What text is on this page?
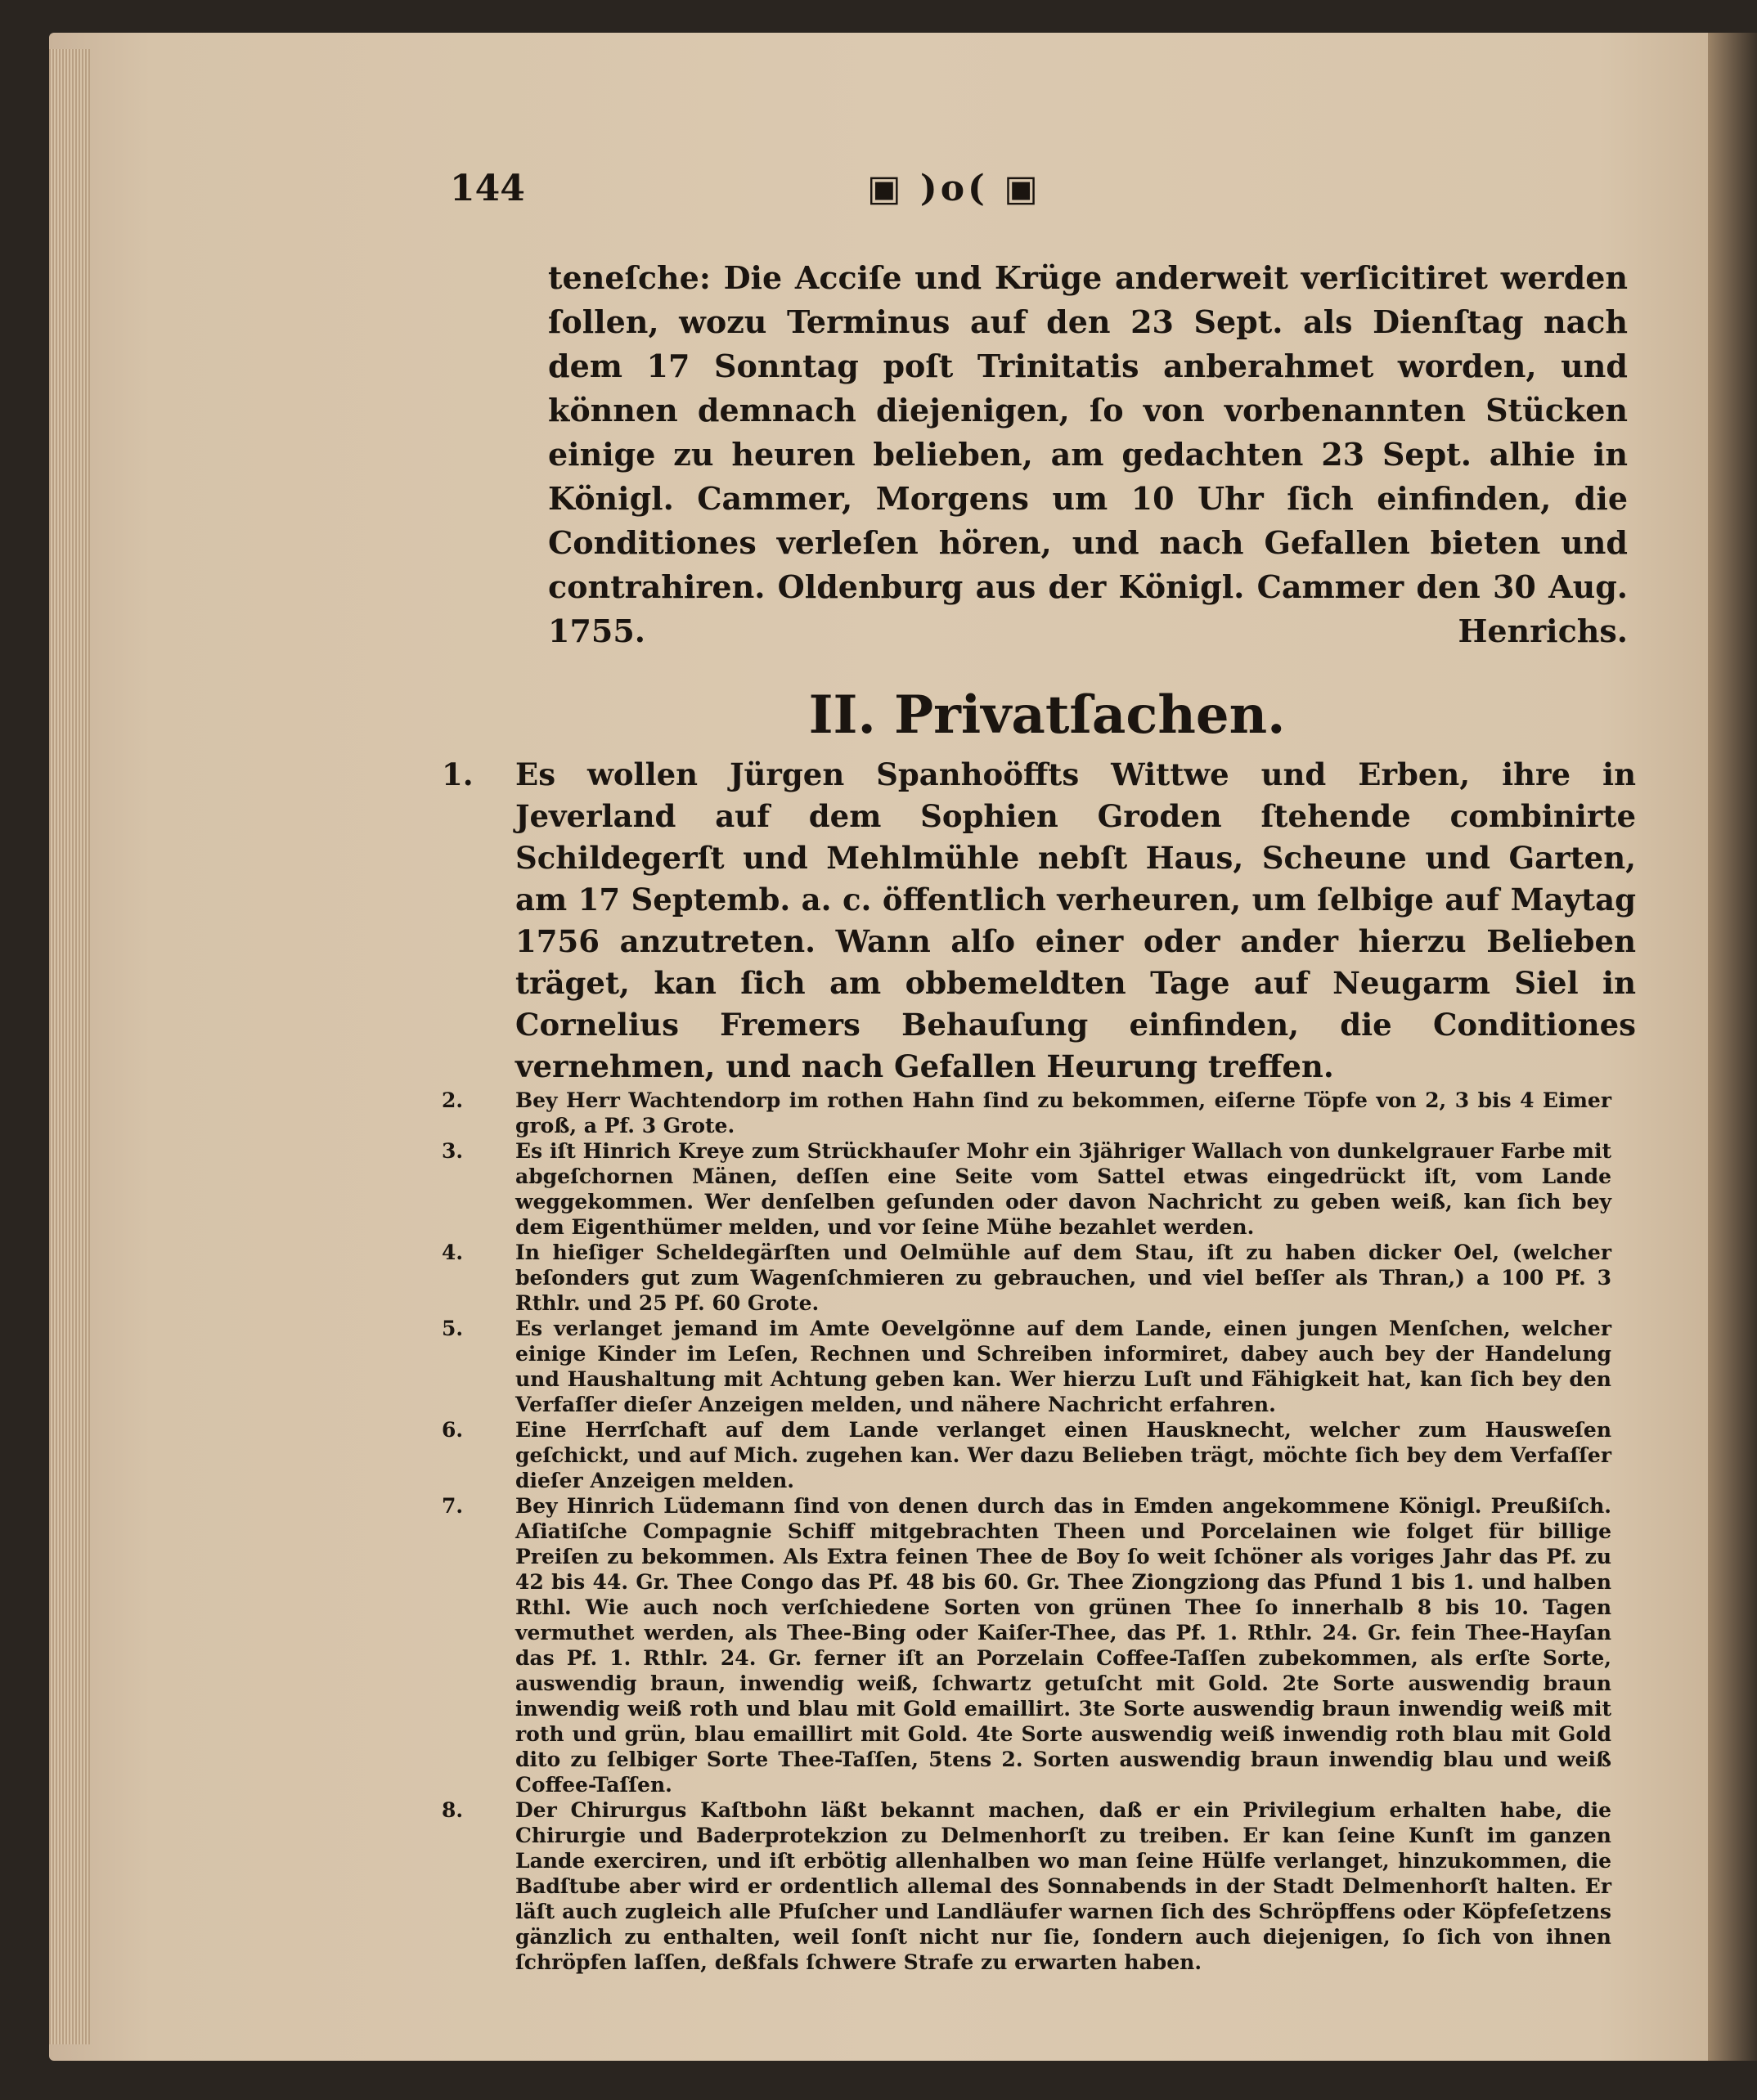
144	▣ )o( ▣

teneſche: Die Acciſe und Krüge anderweit verſicitiret werden ſollen, wozu Terminus auf den 23 Sept. als Dienſtag nach dem 17 Sonntag poſt Trinitatis anberahmet worden, und können demnach diejenigen, ſo von vorbenannten Stücken einige zu heuren belieben, am gedachten 23 Sept. alhie in Königl. Cammer, Morgens um 10 Uhr ſich einfinden, die Conditiones verleſen hören, und nach Gefallen bieten und contrahiren. Oldenburg aus der Königl. Cammer den 30 Aug. 1755.	Henrichs.

II. Privatſachen.
1. Es wollen Jürgen Spanhoöffts Wittwe und Erben, ihre in Jeverland auf dem Sophien Groden ſtehende combinirte Schildegerſt und Mehlmühle nebſt Haus, Scheune und Garten, am 17 Septemb. a. c. öffentlich verheuren, um ſelbige auf Maytag 1756 anzutreten. Wann alſo einer oder ander hierzu Belieben träget, kan ſich am obbemeldten Tage auf Neugarm Siel in Cornelius Fremers Behauſung einfinden, die Conditiones vernehmen, und nach Gefallen Heurung treffen.
2.	Bey Herr Wachtendorp im rothen Hahn ſind zu bekommen, eiſerne Töpfe von 2, 3 bis 4 Eimer groß, a Pf. 3 Grote.
3.	Es iſt Hinrich Kreye zum Strückhauſer Mohr ein 3jähriger Wallach von dunkelgrauer Farbe mit abgeſchornen Mänen, deſſen eine Seite vom Sattel etwas eingedrückt iſt, vom Lande weggekommen. Wer denſelben geſunden oder davon Nachricht zu geben weiß, kan ſich bey dem Eigenthümer melden, und vor ſeine Mühe bezahlet werden.
4.	In hieſiger Scheldegärſten und Oelmühle auf dem Stau, iſt zu haben dicker Oel, (welcher beſonders gut zum Wagenſchmieren zu gebrauchen, und viel beſſer als Thran,) a 100 Pf. 3 Rthlr. und 25 Pf. 60 Grote.
5.	Es verlanget jemand im Amte Oevelgönne auf dem Lande, einen jungen Menſchen, welcher einige Kinder im Leſen, Rechnen und Schreiben informiret, dabey auch bey der Handelung und Haushaltung mit Achtung geben kan. Wer hierzu Luſt und Fähigkeit hat, kan ſich bey den Verfaſſer dieſer Anzeigen melden, und nähere Nachricht erfahren.
6.	Eine Herrſchaft auf dem Lande verlanget einen Hausknecht, welcher zum Hausweſen geſchickt, und auf Mich. zugehen kan. Wer dazu Belieben trägt, möchte ſich bey dem Verfaſſer dieſer Anzeigen melden.
7.	Bey Hinrich Lüdemann ſind von denen durch das in Emden angekommene Königl. Preußiſch. Aſiatiſche Compagnie Schiff mitgebrachten Theen und Porcelainen wie folget für billige Preiſen zu bekommen. Als Extra feinen Thee de Boy ſo weit ſchöner als voriges Jahr das Pf. zu 42 bis 44. Gr. Thee Congo das Pf. 48 bis 60. Gr. Thee Ziongziong das Pfund 1 bis 1. und halben Rthl. Wie auch noch verſchiedene Sorten von grünen Thee ſo innerhalb 8 bis 10. Tagen vermuthet werden, als Thee-Bing oder Kaiſer-Thee, das Pf. 1. Rthlr. 24. Gr. fein Thee-Hayſan das Pf. 1. Rthlr. 24. Gr. ferner iſt an Porzelain Coffee-Taſſen zubekommen, als erſte Sorte, auswendig braun, inwendig weiß, ſchwartz getuſcht mit Gold. 2te Sorte auswendig braun inwendig weiß roth und blau mit Gold emaillirt. 3te Sorte auswendig braun inwendig weiß mit roth und grün, blau emaillirt mit Gold. 4te Sorte auswendig weiß inwendig roth blau mit Gold dito zu ſelbiger Sorte Thee-Taſſen, 5tens 2. Sorten auswendig braun inwendig blau und weiß Coffee-Taſſen.
8.	Der Chirurgus Kaſtbohn läßt bekannt machen, daß er ein Privilegium erhalten habe, die Chirurgie und Baderprotekzion zu Delmenhorſt zu treiben. Er kan ſeine Kunſt im ganzen Lande exerciren, und iſt erbötig allenhalben wo man ſeine Hülfe verlanget, hinzukommen, die Badſtube aber wird er ordentlich allemal des Sonnabends in der Stadt Delmenhorſt halten. Er läſt auch zugleich alle Pfuſcher und Landläufer warnen ſich des Schröpffens oder Köpfeſetzens gänzlich zu enthalten, weil ſonſt nicht nur ſie, ſondern auch diejenigen, ſo ſich von ihnen ſchröpfen laſſen, deßfals ſchwere Strafe zu erwarten haben.
